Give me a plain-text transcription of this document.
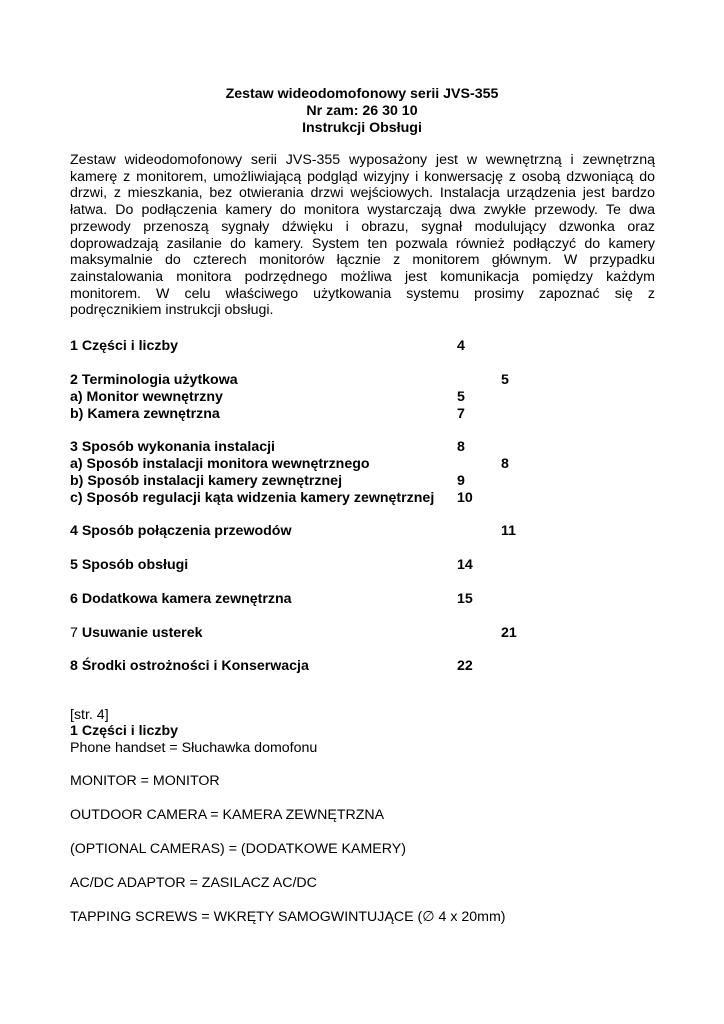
Zestaw wideodomofonowy serii JVS-355
Nr zam: 26 30 10
Instrukcji Obsługi
Zestaw wideodomofonowy serii JVS-355 wyposażony jest w wewnętrzną i zewnętrzną
kamerę z monitorem, umożliwiającą podgląd wizyjny i konwersację z osobą dzwoniącą do
drzwi, z mieszkania, bez otwierania drzwi wejściowych. Instalacja urządzenia jest bardzo
łatwa. Do podłączenia kamery do monitora wystarczają dwa zwykłe przewody. Te dwa
przewody przenoszą sygnały dźwięku i obrazu, sygnał modulujący dzwonka oraz
doprowadzają zasilanie do kamery. System ten pozwala również podłączyć do kamery
maksymalnie do czterech monitorów łącznie z monitorem głównym. W przypadku
zainstalowania monitora podrzędnego możliwa jest komunikacja pomiędzy każdym
monitorem. W celu właściwego użytkowania systemu prosimy zapoznać się z
podręcznikiem instrukcji obsługi.
1 Części i liczby	4
2 Terminologia użytkowa	5
a) Monitor wewnętrzny	5
b) Kamera zewnętrzna	7
3 Sposób wykonania instalacji	8
a) Sposób instalacji monitora wewnętrznego	8
b) Sposób instalacji kamery zewnętrznej	9
c) Sposób regulacji kąta widzenia kamery zewnętrznej 10
4 Sposób połączenia przewodów	11
5 Sposób obsługi	14
6 Dodatkowa kamera zewnętrzna	15
7 Usuwanie usterek	21
8 Środki ostrożności i Konserwacja	22
[str. 4]
1 Części i liczby
Phone handset = Słuchawka domofonu
MONITOR = MONITOR
OUTDOOR CAMERA = KAMERA ZEWNĘTRZNA
(OPTIONAL CAMERAS) = (DODATKOWE KAMERY)
AC/DC ADAPTOR = ZASILACZ AC/DC
TAPPING SCREWS = WKRĘTY SAMOGWINTUJĄCE (∅ 4 x 20mm)
